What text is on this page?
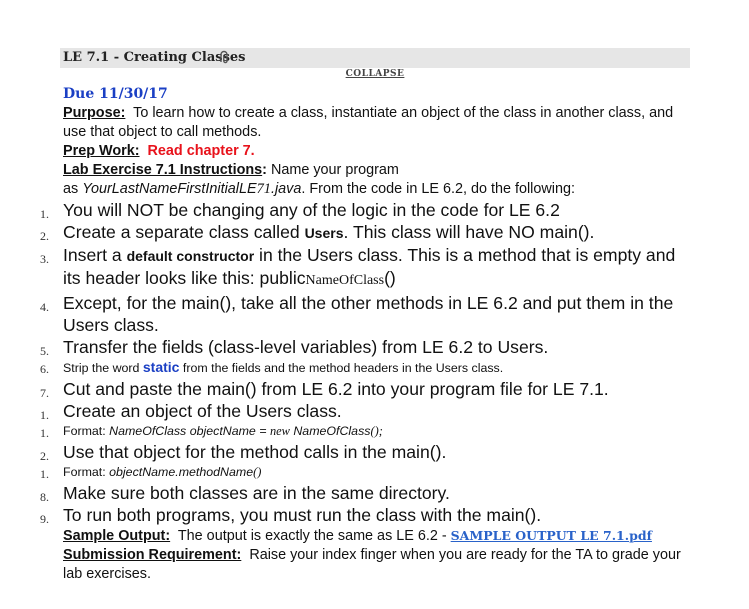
LE 7.1 - Creating Classes
COLLAPSE
Due 11/30/17

Purpose: To learn how to create a class, instantiate an object of the class in another class, and use that object to call methods.

Prep Work: Read chapter 7.

Lab Exercise 7.1 Instructions: Name your program
as YourLastNameFirstInitialLE71.java. From the code in LE 6.2, do the following:

1. You will NOT be changing any of the logic in the code for LE 6.2
2. Create a separate class called Users. This class will have NO main().
3. Insert a default constructor in the Users class. This is a method that is empty and its header looks like this: publicNameOfClass()
4. Except, for the main(), take all the other methods in LE 6.2 and put them in the Users class.
5. Transfer the fields (class-level variables) from LE 6.2 to Users.
6. Strip the word static from the fields and the method headers in the Users class.
7. Cut and paste the main() from LE 6.2 into your program file for LE 7.1.
1. Create an object of the Users class.
1. Format: NameOfClass objectName = new NameOfClass();
2. Use that object for the method calls in the main().
1. Format: objectName.methodName()
8. Make sure both classes are in the same directory.
9. To run both programs, you must run the class with the main().

Sample Output: The output is exactly the same as LE 6.2 - SAMPLE OUTPUT LE 7.1.pdf

Submission Requirement: Raise your index finger when you are ready for the TA to grade your lab exercises.
